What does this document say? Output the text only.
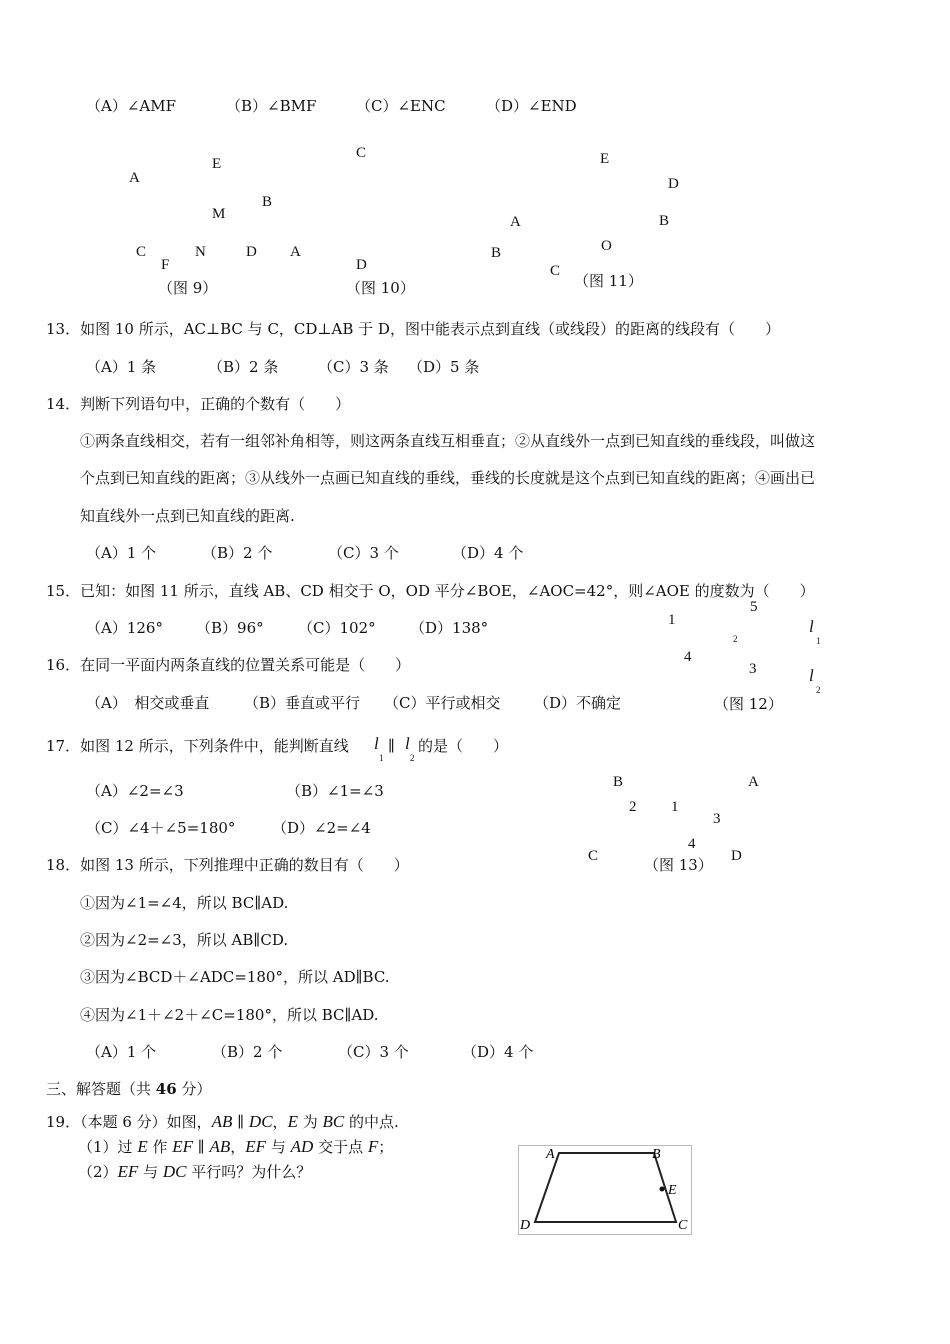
（A）∠AMF	（B）∠BMF	（C）∠ENC	（D）∠END
A
E
M
B
C	N	D A
F
（图 9）
C
D
（图 10）
E
D
A	B
O
B
C
（图 11）
13．如图 10 所示，AC⊥BC 与 C，CD⊥AB 于 D，图中能表示点到直线（或线段）的距离的线段有（　　）
（A）1 条	（B）2 条	（C）3 条 （D）5 条
14．判断下列语句中，正确的个数有（　　）
①两条直线相交，若有一组邻补角相等，则这两条直线互相垂直；②从直线外一点到已知直线的垂线段，叫做这
个点到已知直线的距离；③从线外一点画已知直线的垂线，垂线的长度就是这个点到已知直线的距离；④画出已
知直线外一点到已知直线的距离.
（A）1 个	（B）2 个	（C）3 个	（D）4 个
15．已知：如图 11 所示，直线 AB、CD 相交于 O，OD 平分∠BOE，∠AOC=42°，则∠AOE 的度数为（　　）
（A）126° （B）96° （C）102° （D）138°
5
1
2
4
3
l
1
l
2
（图 12）
16．在同一平面内两条直线的位置关系可能是（　　）
（A）　相交或垂直 （B）垂直或平行 （C）平行或相交 （D）不确定
17．如图 12 所示，下列条件中，能判断直线 l
1
∥ l
2
的是（　　）
（A）∠2=∠3	（B）∠1=∠3
（C）∠4＋∠5=180° （D）∠2=∠4
B	A
2 1
3
4
C	D
（图 13）
18．如图 13 所示，下列推理中正确的数目有（　　）
①因为∠1=∠4，所以 BC∥AD.
②因为∠2=∠3，所以 AB∥CD.
③因为∠BCD＋∠ADC=180°，所以 AD∥BC.
④因为∠1＋∠2＋∠C=180°，所以 BC∥AD.
（A）1 个	（B）2 个	（C）3 个	（D）4 个
三、解答题（共 46 分）
19．（本题 6 分）如图，AB ∥ DC，E 为 BC 的中点.
（1）过 E 作 EF ∥ AB，EF 与 AD 交于点 F；
（2）EF 与 DC 平行吗？为什么？
A	B
E
D	C
